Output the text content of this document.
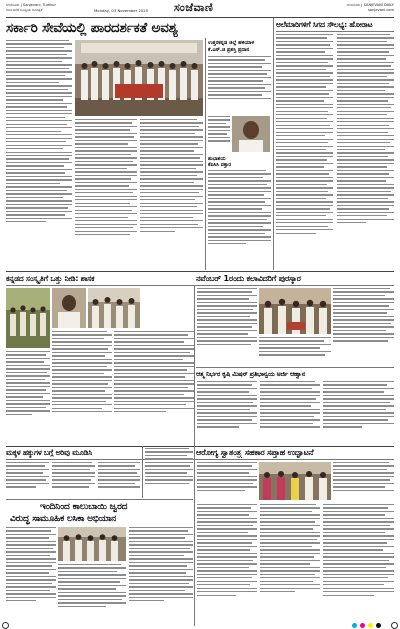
ಬೆಂಗಳೂರು | Sanjevani, Tumkur
ಕರ್ನಾಟಕದ ಜನಪ್ರಿಯ ದಿನಪತ್ರಿಕೆ	Monday, 03 November 2025 ಸಂಜೆವಾಣಿ	ಬೆಂಗಳೂರು | SANJEVANI DAILY
sanjevani.com
ಸರ್ಕಾರಿ ಸೇವೆಯಲ್ಲಿ ಪಾರದರ್ಶಕತೆ ಅವಶ್ಯ
ಉತ್ತರಕನ್ನಡ ಜಿಲ್ಲೆ ಹಳಿಯಾಳ
ಕೆ.ಎನ್.ಜಿ ಪ್ರಶಸ್ತಿ ಪ್ರದಾನ
ಶುಭಾಶಯ
ಕೆಪಿಸಿಸಿ ವಕ್ತಾರ
ಅಲೆಮಾರಿಗಳಿಗೆ ಸಿಗದ ಸೌಲಭ್ಯ: ಹೋರಾಟ
ಕನ್ನಡದ ಸಂಸ್ಕೃತಿಗೆ ಒತ್ತು ನೀಡಿ: ಶಾಸಕ	ನವೆಂಬರ್ 1ರಂದು ಕಲಾವಿದರಿಗೆ ಪುರಸ್ಕಾರ
ಆತ್ಮ ನಿರ್ಭರ ಕೃಷಿ ಮಿಷನ್ ಪ್ರತಿಭಾನ್ವಯ ಅರ್ಜಿ ಆಹ್ವಾನ
ಮಕ್ಕಳ ಹಕ್ಕುಗಳ ಬಗ್ಗೆ ಅರಿವು ಮೂಡಿಸಿ	ಆರೋಗ್ಯ ಸ್ವಾತಂತ್ರ್ಯ ಸಹಕಾರ ಸಪ್ತಾಹ ಉದ್ಘಾಟನೆ
ಇಂದಿನಿಂದ ಕಾಲುಬಾಯಿ ಜ್ವರದ
ವಿರುದ್ಧ ಸಾಮೂಹಿಕ ಲಸಿಕಾ ಅಭಿಯಾನ
